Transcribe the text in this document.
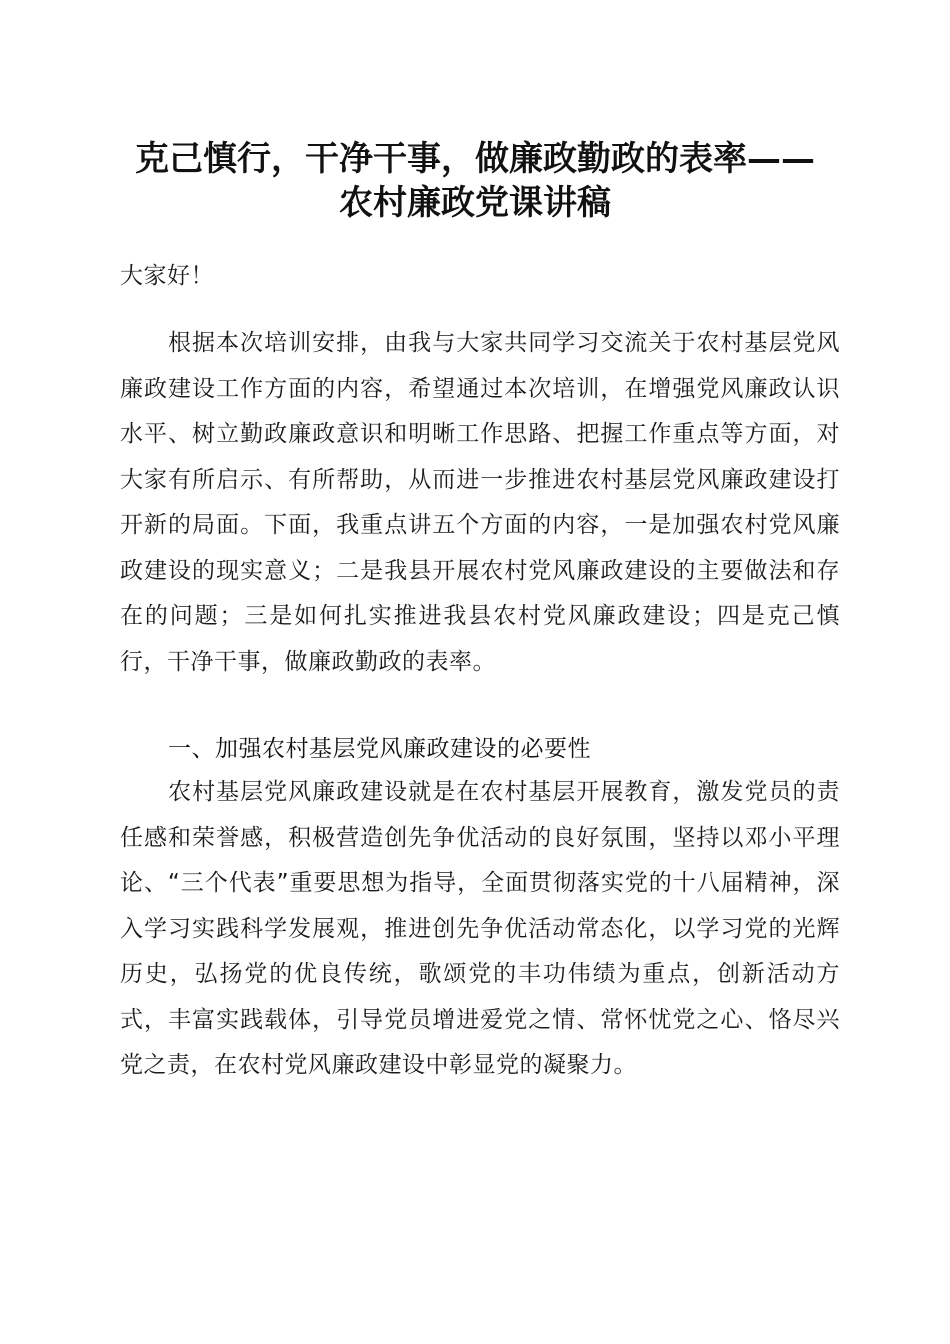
克己慎行，干净干事，做廉政勤政的表率——
农村廉政党课讲稿

大家好！

根据本次培训安排，由我与大家共同学习交流关于农村基层党风廉政建设工作方面的内容，希望通过本次培训，在增强党风廉政认识水平、树立勤政廉政意识和明晰工作思路、把握工作重点等方面，对大家有所启示、有所帮助，从而进一步推进农村基层党风廉政建设打开新的局面。下面，我重点讲五个方面的内容，一是加强农村党风廉政建设的现实意义；二是我县开展农村党风廉政建设的主要做法和存在的问题；三是如何扎实推进我县农村党风廉政建设；四是克己慎行，干净干事，做廉政勤政的表率。

一、加强农村基层党风廉政建设的必要性

农村基层党风廉政建设就是在农村基层开展教育，激发党员的责任感和荣誉感，积极营造创先争优活动的良好氛围，坚持以邓小平理论、“三个代表”重要思想为指导，全面贯彻落实党的十八届精神，深入学习实践科学发展观，推进创先争优活动常态化，以学习党的光辉历史，弘扬党的优良传统，歌颂党的丰功伟绩为重点，创新活动方式，丰富实践载体，引导党员增进爱党之情、常怀忧党之心、恪尽兴党之责，在农村党风廉政建设中彰显党的凝聚力。
